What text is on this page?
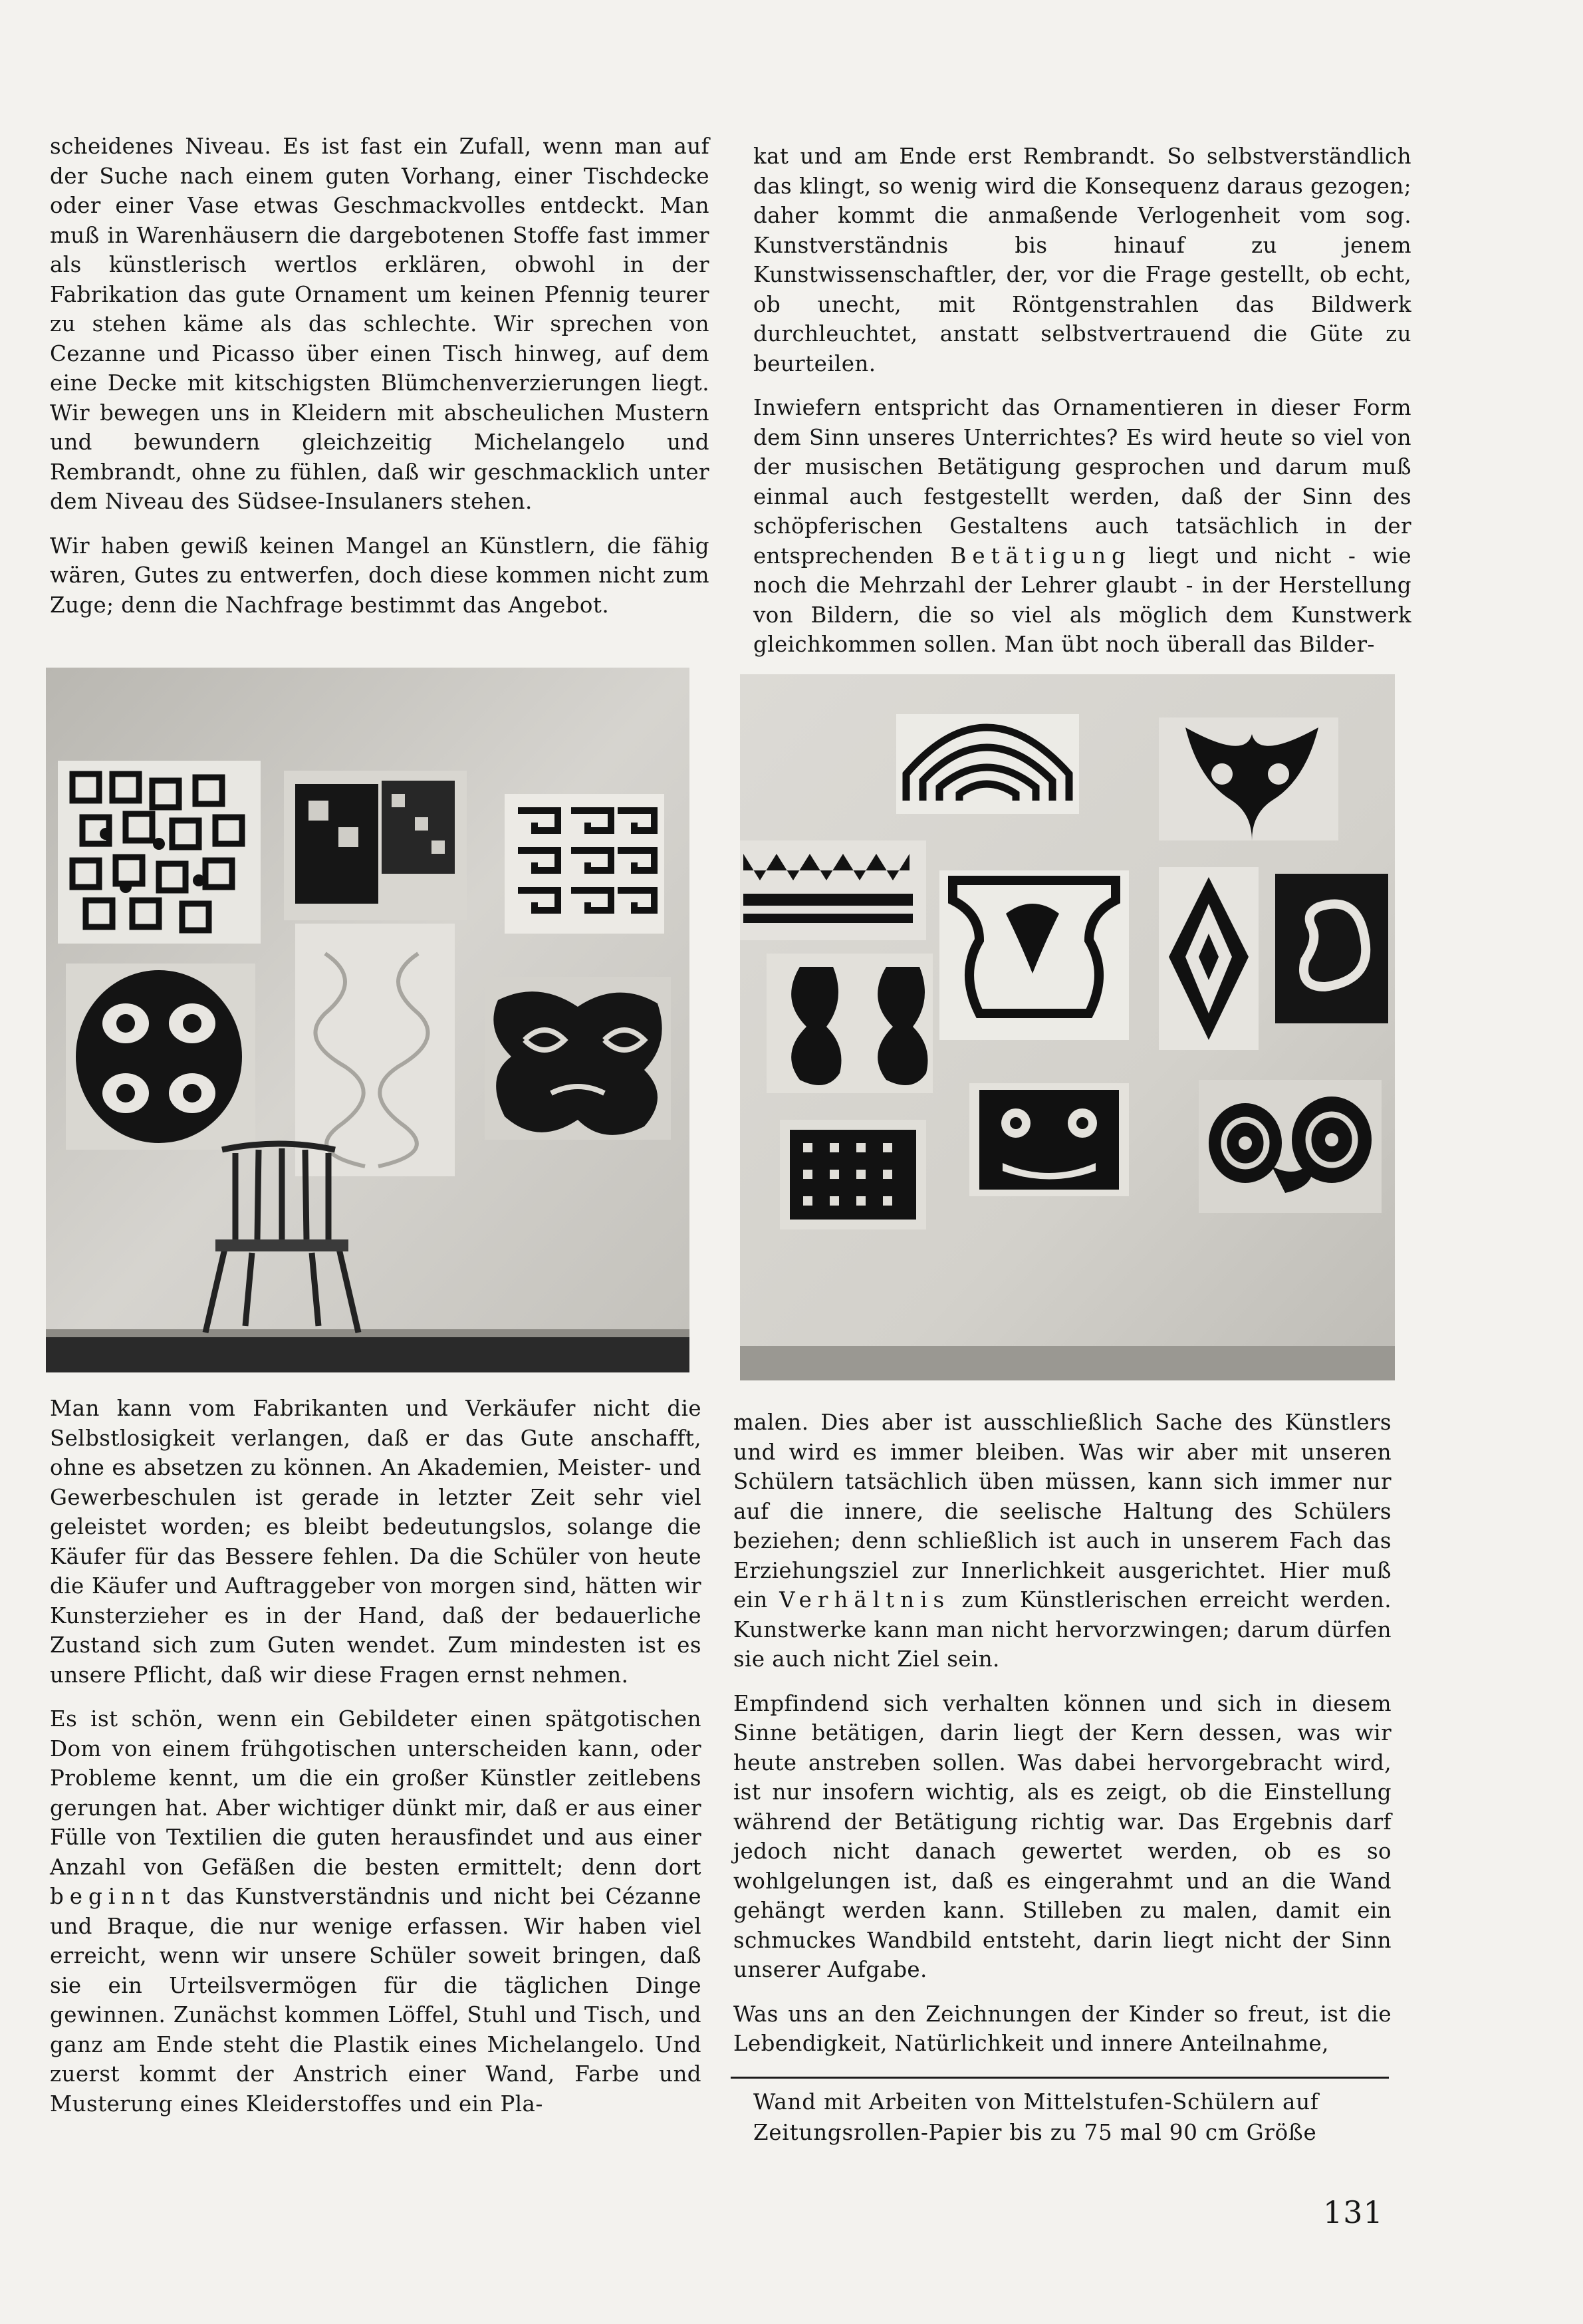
scheidenes Niveau. Es ist fast ein Zufall, wenn man auf der Suche nach einem guten Vorhang, einer Tischdecke oder einer Vase etwas Geschmackvolles entdeckt. Man muß in Warenhäusern die dargebotenen Stoffe fast immer als künstlerisch wertlos erklären, obwohl in der Fabrikation das gute Ornament um keinen Pfennig teurer zu stehen käme als das schlechte. Wir sprechen von Cezanne und Picasso über einen Tisch hinweg, auf dem eine Decke mit kitschigsten Blümchenverzierungen liegt. Wir bewegen uns in Kleidern mit abscheulichen Mustern und bewundern gleichzeitig Michelangelo und Rembrandt, ohne zu fühlen, daß wir geschmacklich unter dem Niveau des Südsee-Insulaners stehen.

Wir haben gewiß keinen Mangel an Künstlern, die fähig wären, Gutes zu entwerfen, doch diese kommen nicht zum Zuge; denn die Nachfrage bestimmt das Angebot.

kat und am Ende erst Rembrandt. So selbstverständlich das klingt, so wenig wird die Konsequenz daraus gezogen; daher kommt die anmaßende Verlogenheit vom sog. Kunstverständnis bis hinauf zu jenem Kunstwissenschaftler, der, vor die Frage gestellt, ob echt, ob unecht, mit Röntgenstrahlen das Bildwerk durchleuchtet, anstatt selbstvertrauend die Güte zu beurteilen.

Inwiefern entspricht das Ornamentieren in dieser Form dem Sinn unseres Unterrichtes? Es wird heute so viel von der musischen Betätigung gesprochen und darum muß einmal auch festgestellt werden, daß der Sinn des schöpferischen Gestaltens auch tatsächlich in der entsprechenden Betätigung liegt und nicht - wie noch die Mehrzahl der Lehrer glaubt - in der Herstellung von Bildern, die so viel als möglich dem Kunstwerk gleichkommen sollen. Man übt noch überall das Bilder-

Man kann vom Fabrikanten und Verkäufer nicht die Selbstlosigkeit verlangen, daß er das Gute anschafft, ohne es absetzen zu können. An Akademien, Meister- und Gewerbeschulen ist gerade in letzter Zeit sehr viel geleistet worden; es bleibt bedeutungslos, solange die Käufer für das Bessere fehlen. Da die Schüler von heute die Käufer und Auftraggeber von morgen sind, hätten wir Kunsterzieher es in der Hand, daß der bedauerliche Zustand sich zum Guten wendet. Zum mindesten ist es unsere Pflicht, daß wir diese Fragen ernst nehmen.

Es ist schön, wenn ein Gebildeter einen spätgotischen Dom von einem frühgotischen unterscheiden kann, oder Probleme kennt, um die ein großer Künstler zeitlebens gerungen hat. Aber wichtiger dünkt mir, daß er aus einer Fülle von Textilien die guten herausfindet und aus einer Anzahl von Gefäßen die besten ermittelt; denn dort beginnt das Kunstverständnis und nicht bei Cézanne und Braque, die nur wenige erfassen. Wir haben viel erreicht, wenn wir unsere Schüler soweit bringen, daß sie ein Urteilsvermögen für die täglichen Dinge gewinnen. Zunächst kommen Löffel, Stuhl und Tisch, und ganz am Ende steht die Plastik eines Michelangelo. Und zuerst kommt der Anstrich einer Wand, Farbe und Musterung eines Kleiderstoffes und ein Pla-

malen. Dies aber ist ausschließlich Sache des Künstlers und wird es immer bleiben. Was wir aber mit unseren Schülern tatsächlich üben müssen, kann sich immer nur auf die innere, die seelische Haltung des Schülers beziehen; denn schließlich ist auch in unserem Fach das Erziehungsziel zur Innerlichkeit ausgerichtet. Hier muß ein Verhältnis zum Künstlerischen erreicht werden. Kunstwerke kann man nicht hervorzwingen; darum dürfen sie auch nicht Ziel sein.

Empfindend sich verhalten können und sich in diesem Sinne betätigen, darin liegt der Kern dessen, was wir heute anstreben sollen. Was dabei hervorgebracht wird, ist nur insofern wichtig, als es zeigt, ob die Einstellung während der Betätigung richtig war. Das Ergebnis darf jedoch nicht danach gewertet werden, ob es so wohlgelungen ist, daß es eingerahmt und an die Wand gehängt werden kann. Stilleben zu malen, damit ein schmuckes Wandbild entsteht, darin liegt nicht der Sinn unserer Aufgabe.

Was uns an den Zeichnungen der Kinder so freut, ist die Lebendigkeit, Natürlichkeit und innere Anteilnahme,

Wand mit Arbeiten von Mittelstufen-Schülern auf Zeitungsrollen-Papier bis zu 75 mal 90 cm Größe
131
